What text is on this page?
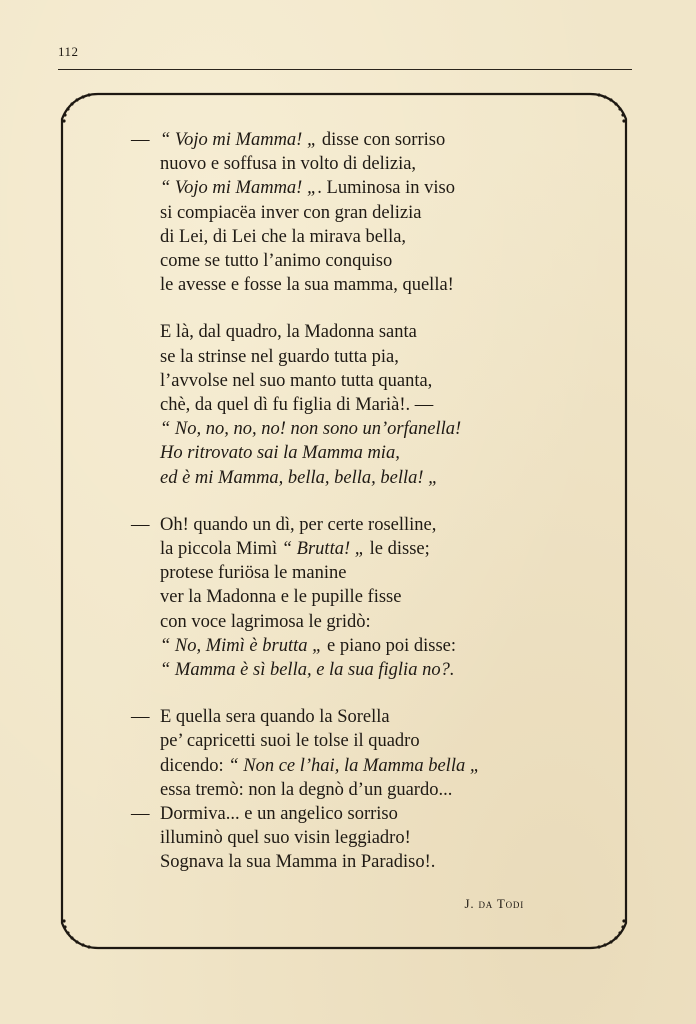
112
— “ Vojo mi Mamma! „ disse con sorriso
nuovo e soffusa in volto di delizia,
“ Vojo mi Mamma! „. Luminosa in viso
si compiacëa inver con gran delizia
di Lei, di Lei che la mirava bella,
come se tutto l’animo conquiso
le avesse e fosse la sua mamma, quella!
E là, dal quadro, la Madonna santa
se la strinse nel guardo tutta pia,
l’avvolse nel suo manto tutta quanta,
chè, da quel dì fu figlia di Marià!. —
“ No, no, no, no! non sono un’orfanella!
Ho ritrovato sai la Mamma mia,
ed è mi Mamma, bella, bella, bella! „
— Oh! quando un dì, per certe roselline,
la piccola Mimì “ Brutta! „ le disse;
protese furiösa le manine
ver la Madonna e le pupille fisse
con voce lagrimosa le gridò:
“ No, Mimì è brutta „ e piano poi disse:
“ Mamma è sì bella, e la sua figlia no?.
— E quella sera quando la Sorella
pe’ capricetti suoi le tolse il quadro
dicendo: “ Non ce l’hai, la Mamma bella „
essa tremò: non la degnò d’un guardo...
— Dormiva... e un angelico sorriso
illuminò quel suo visin leggiadro!
Sognava la sua Mamma in Paradiso!.
J. da Todi
